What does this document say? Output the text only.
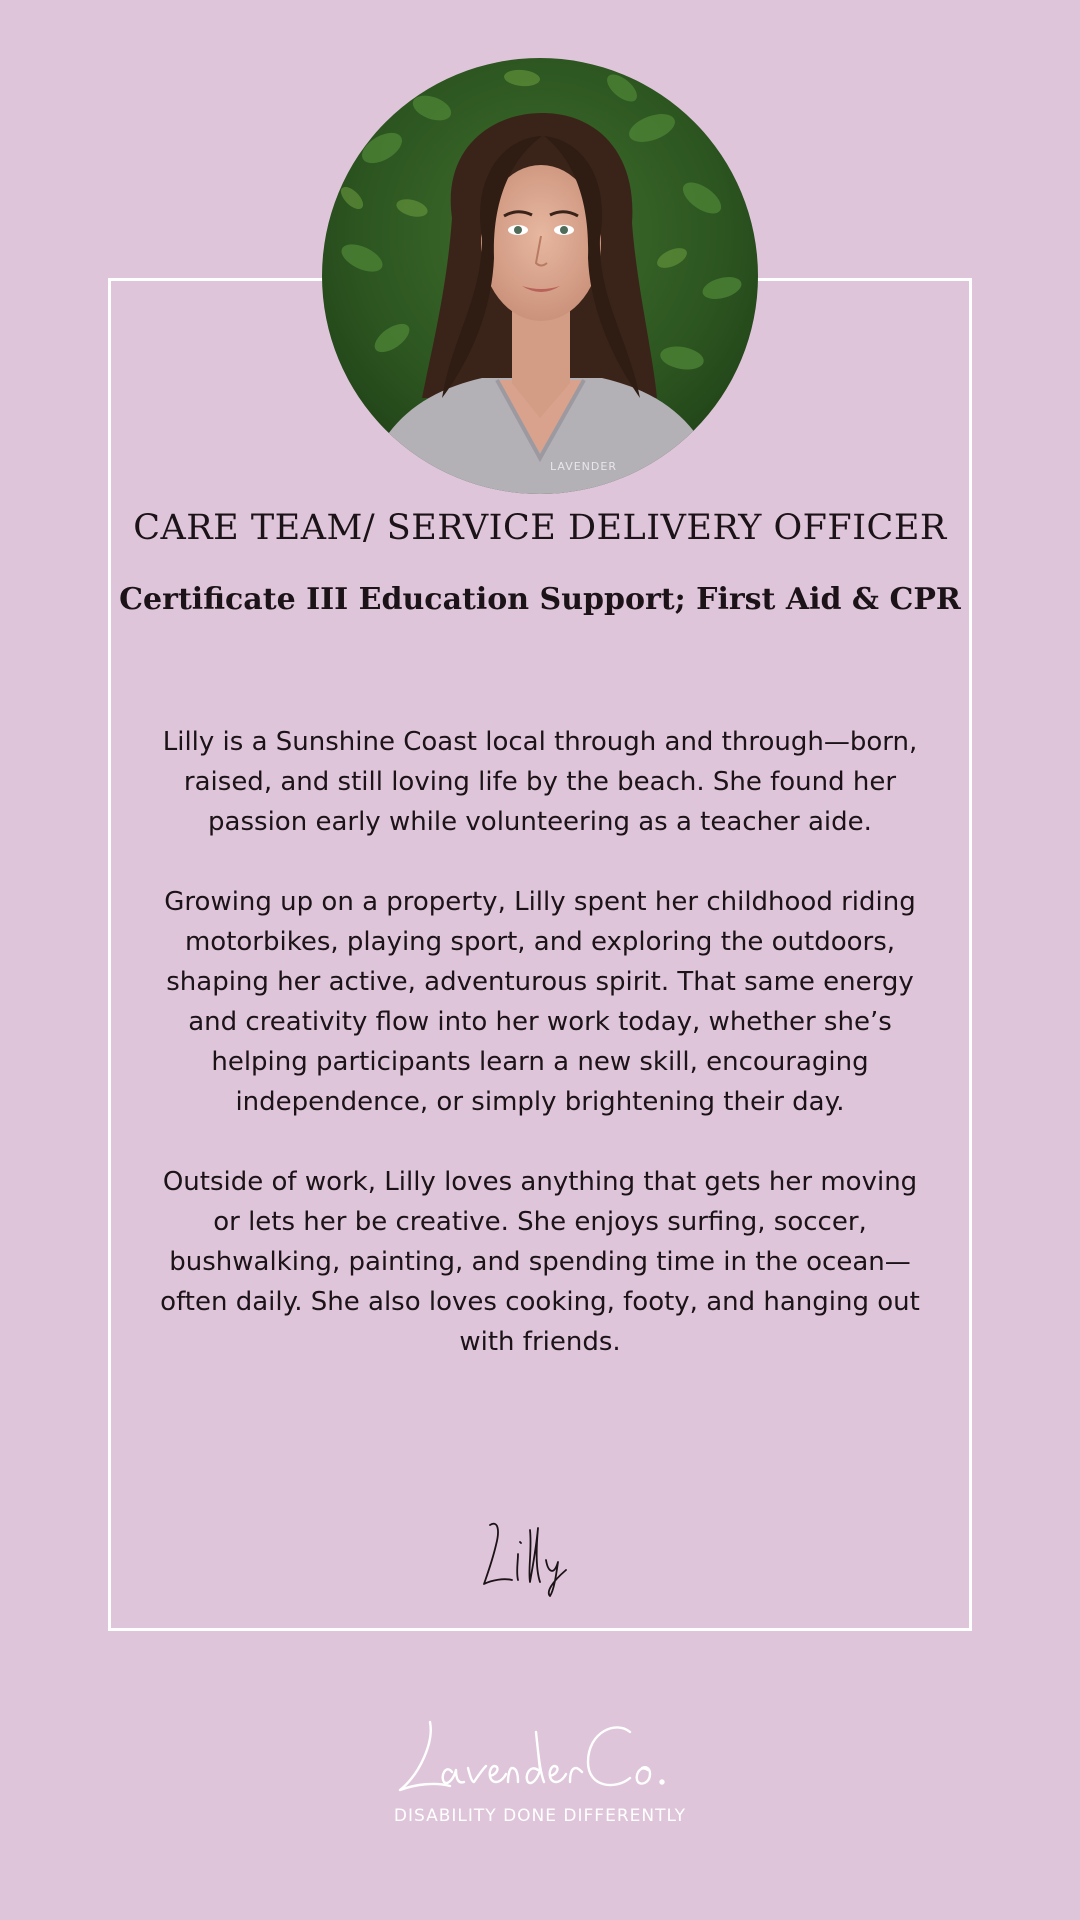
LAVENDER
CARE TEAM/ SERVICE DELIVERY OFFICER
Certificate III Education Support; First Aid & CPR

Lilly is a Sunshine Coast local through and through—born, raised, and still loving life by the beach. She found her passion early while volunteering as a teacher aide.

Growing up on a property, Lilly spent her childhood riding motorbikes, playing sport, and exploring the outdoors, shaping her active, adventurous spirit. That same energy and creativity flow into her work today, whether she’s helping participants learn a new skill, encouraging independence, or simply brightening their day.

Outside of work, Lilly loves anything that gets her moving or lets her be creative. She enjoys surfing, soccer, bushwalking, painting, and spending time in the ocean—often daily. She also loves cooking, footy, and hanging out with friends.

DISABILITY DONE DIFFERENTLY
